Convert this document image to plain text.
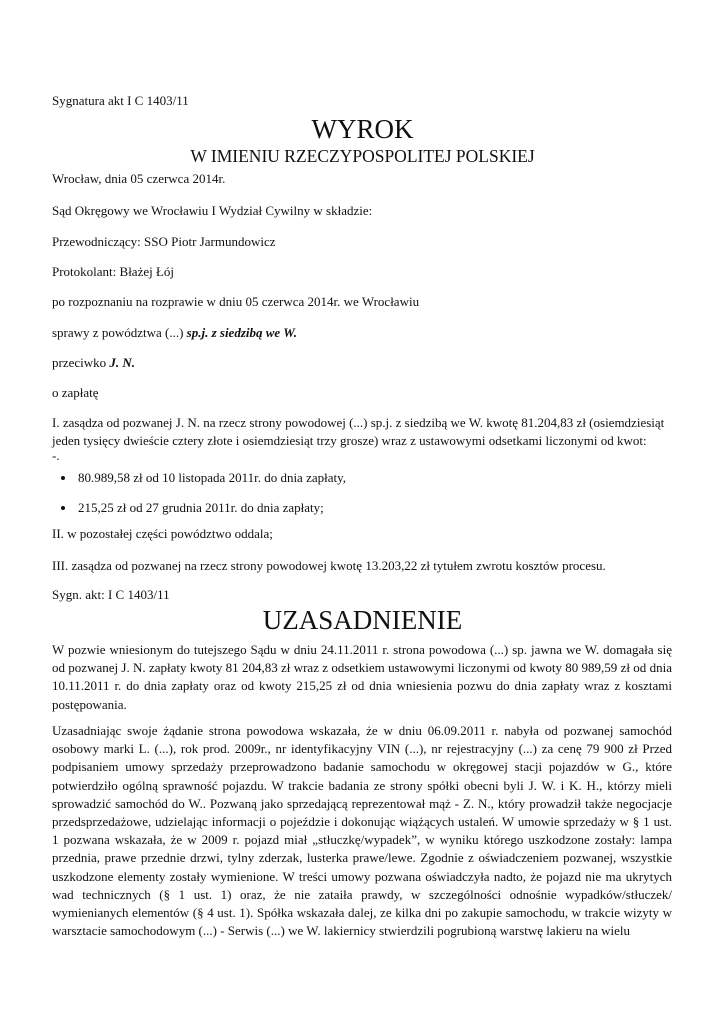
Sygnatura akt I C 1403/11
WYROK
W IMIENIU RZECZYPOSPOLITEJ POLSKIEJ
Wrocław, dnia 05 czerwca 2014r.
Sąd Okręgowy we Wrocławiu I Wydział Cywilny w składzie:
Przewodniczący: SSO Piotr Jarmundowicz
Protokolant: Błażej Łój
po rozpoznaniu na rozprawie w dniu 05 czerwca 2014r. we Wrocławiu
sprawy z powództwa (...) sp.j. z siedzibą we W.
przeciwko J. N.
o zapłatę
I. zasądza od pozwanej J. N. na rzecz strony powodowej (...) sp.j. z siedzibą we W. kwotę 81.204,83 zł (osiemdziesiąt
jeden tysięcy dwieście cztery złote i osiemdziesiąt trzy grosze) wraz z ustawowymi odsetkami liczonymi od kwot:
-.
• 80.989,58 zł od 10 listopada 2011r. do dnia zapłaty,
• 215,25 zł od 27 grudnia 2011r. do dnia zapłaty;
II. w pozostałej części powództwo oddala;
III. zasądza od pozwanej na rzecz strony powodowej kwotę 13.203,22 zł tytułem zwrotu kosztów procesu.
Sygn. akt: I C 1403/11
UZASADNIENIE
W pozwie wniesionym do tutejszego Sądu w dniu 24.11.2011 r. strona powodowa (...) sp. jawna we W. domagała się od pozwanej J. N. zapłaty kwoty 81 204,83 zł wraz z odsetkiem ustawowymi liczonymi od kwoty 80 989,59 zł od dnia 10.11.2011 r. do dnia zapłaty oraz od kwoty 215,25 zł od dnia wniesienia pozwu do dnia zapłaty wraz z kosztami postępowania.
Uzasadniając swoje żądanie strona powodowa wskazała, że w dniu 06.09.2011 r. nabyła od pozwanej samochód osobowy marki L. (...), rok prod. 2009r., nr identyfikacyjny VIN (...), nr rejestracyjny (...) za cenę 79 900 zł Przed podpisaniem umowy sprzedaży przeprowadzono badanie samochodu w okręgowej stacji pojazdów w G., które potwierdziło ogólną sprawność pojazdu. W trakcie badania ze strony spółki obecni byli J. W. i K. H., którzy mieli sprowadzić samochód do W.. Pozwaną jako sprzedającą reprezentował mąż - Z. N., który prowadził także negocjacje przedsprzedażowe, udzielając informacji o pojeździe i dokonując wiążących ustaleń. W umowie sprzedaży w § 1 ust. 1 pozwana wskazała, że w 2009 r. pojazd miał „stłuczkę/wypadek”, w wyniku którego uszkodzone zostały: lampa przednia, prawe przednie drzwi, tylny zderzak, lusterka prawe/lewe. Zgodnie z oświadczeniem pozwanej, wszystkie uszkodzone elementy zostały wymienione. W treści umowy pozwana oświadczyła nadto, że pojazd nie ma ukrytych wad technicznych (§ 1 ust. 1) oraz, że nie zataiła prawdy, w szczególności odnośnie wypadków/stłuczek/ wymienianych elementów (§ 4 ust. 1). Spółka wskazała dalej, ze kilka dni po zakupie samochodu, w trakcie wizyty w warsztacie samochodowym (...) - Serwis (...) we W. lakiernicy stwierdzili pogrubioną warstwę lakieru na wielu
